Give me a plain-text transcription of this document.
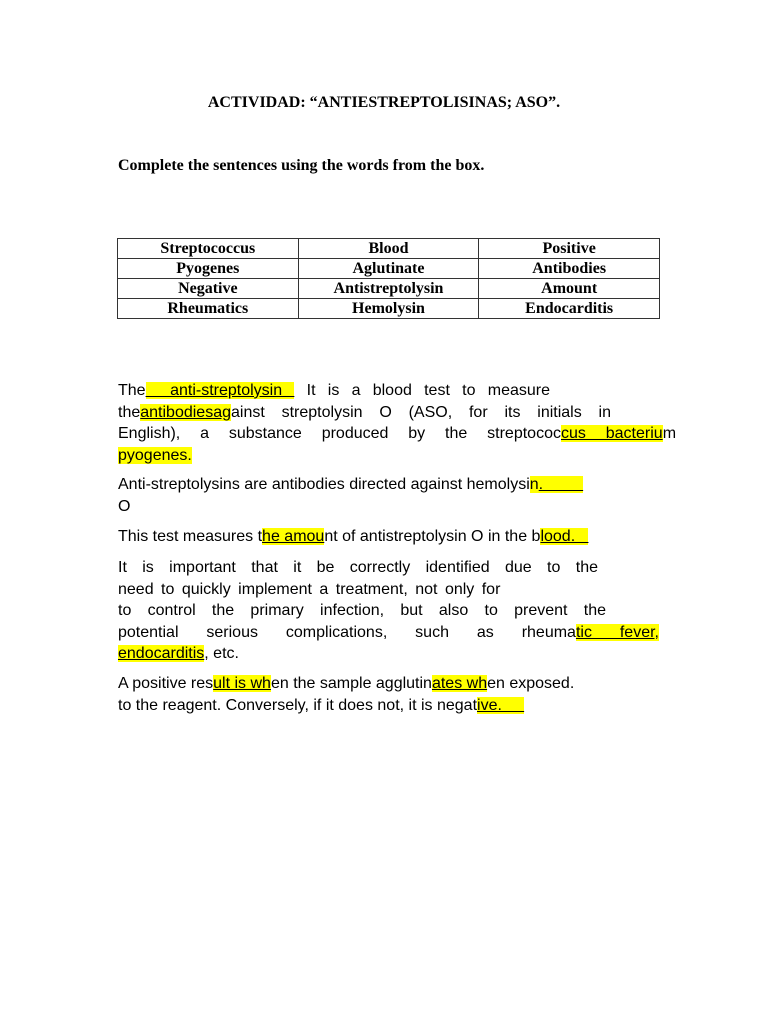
ACTIVIDAD: “ANTIESTREPTOLISINAS; ASO”.
Complete the sentences using the words from the box.
Streptococcus	Blood	Positive
Pyogenes	Aglutinate	Antibodies
Negative	Antistreptolysin	Amount
Rheumatics	Hemolysin	Endocarditis
The  anti-streptolysin  It is a blood test to measure
theantibodiesagainst streptolysin O (ASO, for its initials in
English), a substance produced by the streptococcus bacterium
pyogenes.
Anti-streptolysins are antibodies directed against hemolysin.
O
This test measures the amount of antistreptolysin O in the blood.
It is important that it be correctly identified due to the
need to quickly implement a treatment, not only for
to control the primary infection, but also to prevent the
potential serious complications, such as rheumatic fever,
endocarditis, etc.
A positive result is when the sample agglutinates when exposed.
to the reagent. Conversely, if it does not, it is negative.
